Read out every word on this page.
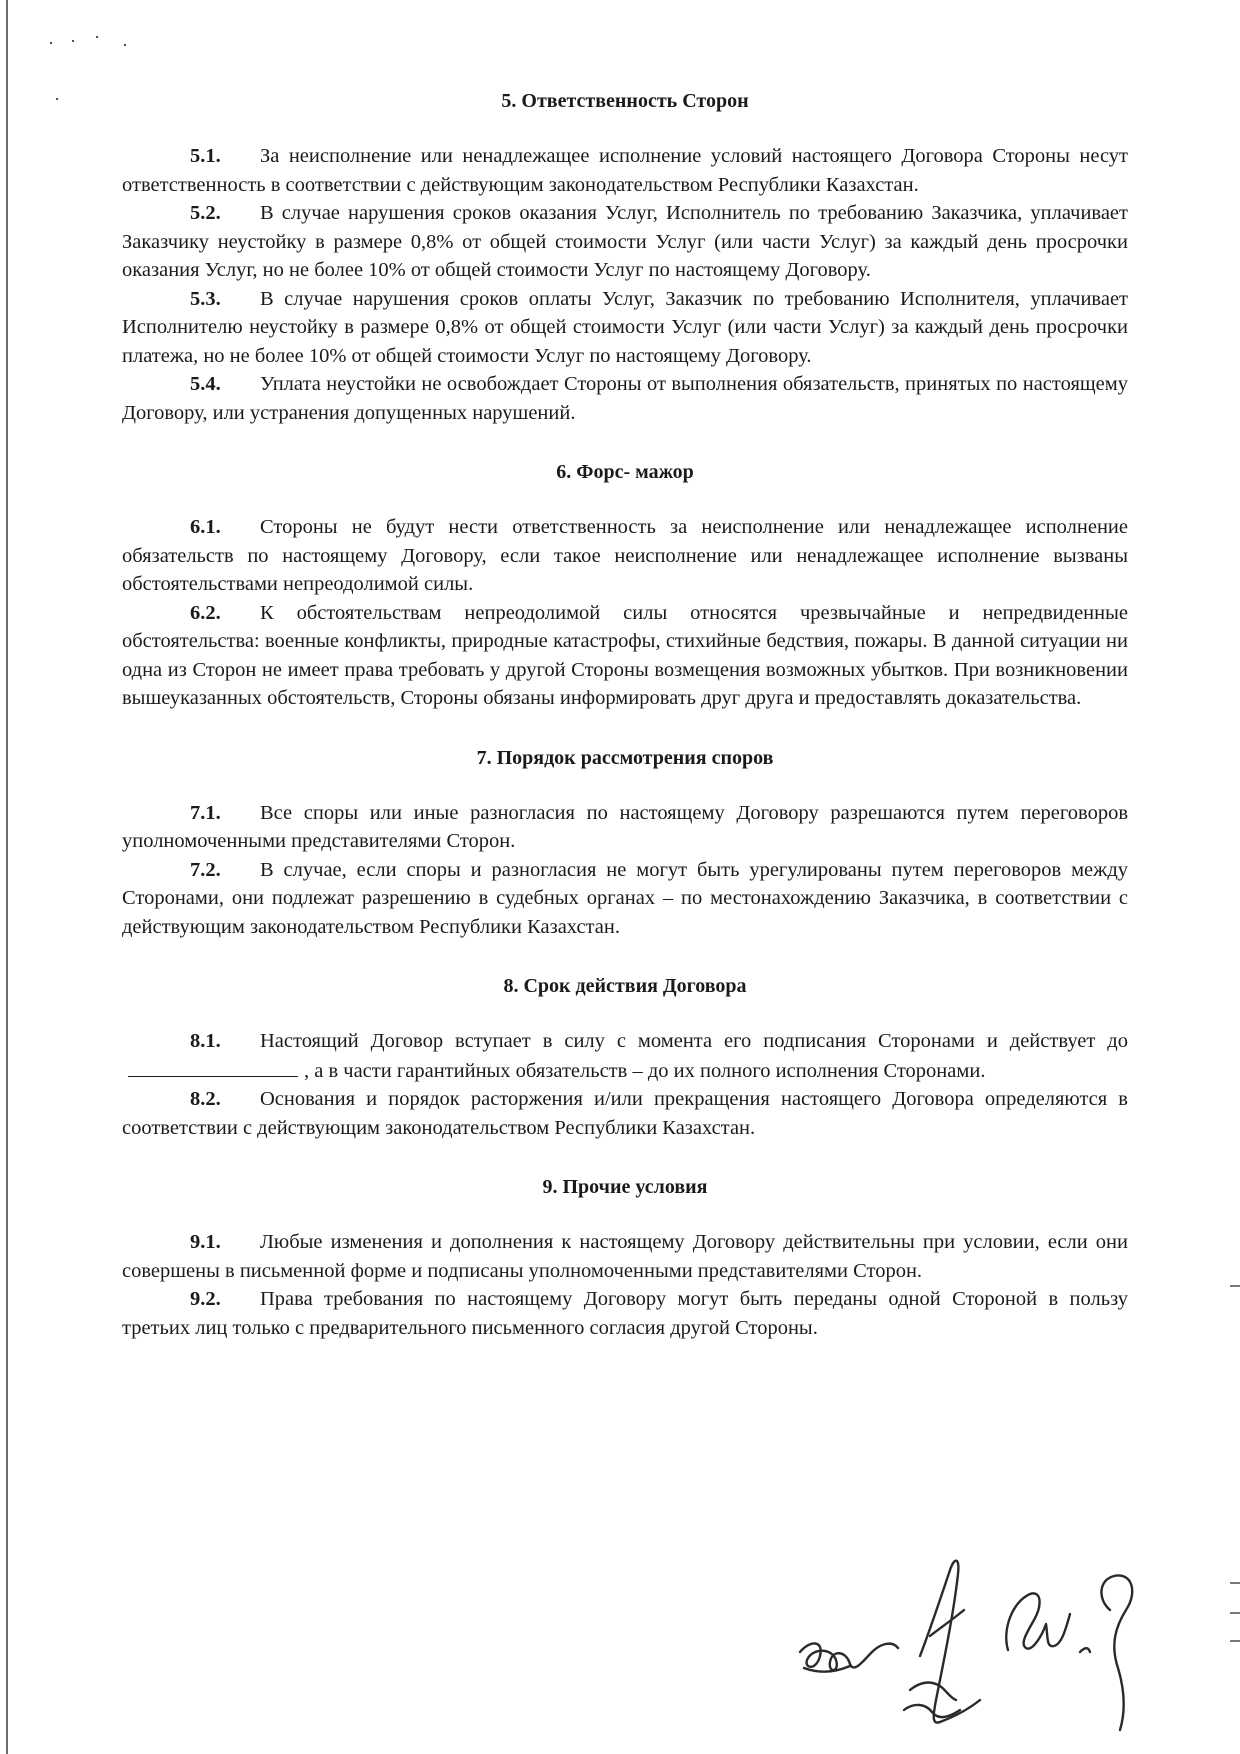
5. Ответственность Сторон

5.1. За неисполнение или ненадлежащее исполнение условий настоящего Договора Стороны несут ответственность в соответствии с действующим законодательством Республики Казахстан.

5.2. В случае нарушения сроков оказания Услуг, Исполнитель по требованию Заказчика, уплачивает Заказчику неустойку в размере 0,8% от общей стоимости Услуг (или части Услуг) за каждый день просрочки оказания Услуг, но не более 10% от общей стоимости Услуг по настоящему Договору.

5.3. В случае нарушения сроков оплаты Услуг, Заказчик по требованию Исполнителя, уплачивает Исполнителю неустойку в размере 0,8% от общей стоимости Услуг (или части Услуг) за каждый день просрочки платежа, но не более 10% от общей стоимости Услуг по настоящему Договору.

5.4. Уплата неустойки не освобождает Стороны от выполнения обязательств, принятых по настоящему Договору, или устранения допущенных нарушений.

6. Форс- мажор

6.1. Стороны не будут нести ответственность за неисполнение или ненадлежащее исполнение обязательств по настоящему Договору, если такое неисполнение или ненадлежащее исполнение вызваны обстоятельствами непреодолимой силы.

6.2. К обстоятельствам непреодолимой силы относятся чрезвычайные и непредвиденные обстоятельства: военные конфликты, природные катастрофы, стихийные бедствия, пожары. В данной ситуации ни одна из Сторон не имеет права требовать у другой Стороны возмещения возможных убытков. При возникновении вышеуказанных обстоятельств, Стороны обязаны информировать друг друга и предоставлять доказательства.

7. Порядок рассмотрения споров

7.1. Все споры или иные разногласия по настоящему Договору разрешаются путем переговоров уполномоченными представителями Сторон.

7.2. В случае, если споры и разногласия не могут быть урегулированы путем переговоров между Сторонами, они подлежат разрешению в судебных органах – по местонахождению Заказчика, в соответствии с действующим законодательством Республики Казахстан.

8. Срок действия Договора

8.1. Настоящий Договор вступает в силу с момента его подписания Сторонами и действует до, а в части гарантийных обязательств – до их полного исполнения Сторонами.

8.2. Основания и порядок расторжения и/или прекращения настоящего Договора определяются в соответствии с действующим законодательством Республики Казахстан.

9. Прочие условия

9.1. Любые изменения и дополнения к настоящему Договору действительны при условии, если они совершены в письменной форме и подписаны уполномоченными представителями Сторон.

9.2. Права требования по настоящему Договору могут быть переданы одной Стороной в пользу третьих лиц только с предварительного письменного согласия другой Стороны.
